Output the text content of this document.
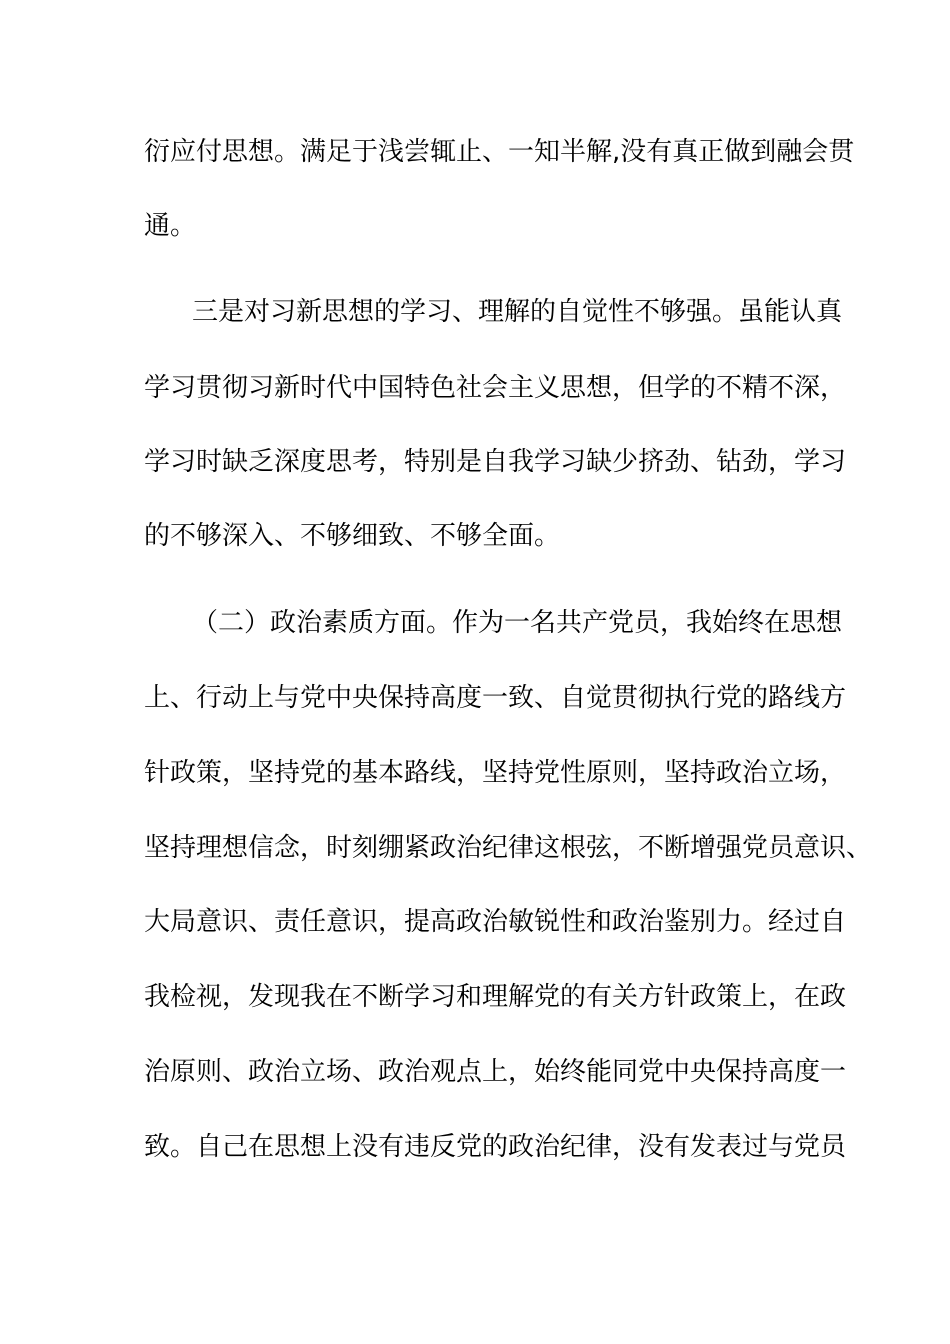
衍应付思想。满足于浅尝辄止、一知半解,没有真正做到融会贯
通。
三是对习新思想的学习、理解的自觉性不够强。虽能认真
学习贯彻习新时代中国特色社会主义思想，但学的不精不深，
学习时缺乏深度思考，特别是自我学习缺少挤劲、钻劲，学习
的不够深入、不够细致、不够全面。
（二）政治素质方面。作为一名共产党员，我始终在思想
上、行动上与党中央保持高度一致、自觉贯彻执行党的路线方
针政策，坚持党的基本路线，坚持党性原则，坚持政治立场，
坚持理想信念，时刻绷紧政治纪律这根弦，不断增强党员意识、
大局意识、责任意识，提高政治敏锐性和政治鉴别力。经过自
我检视，发现我在不断学习和理解党的有关方针政策上，在政
治原则、政治立场、政治观点上，始终能同党中央保持高度一
致。自己在思想上没有违反党的政治纪律，没有发表过与党员
